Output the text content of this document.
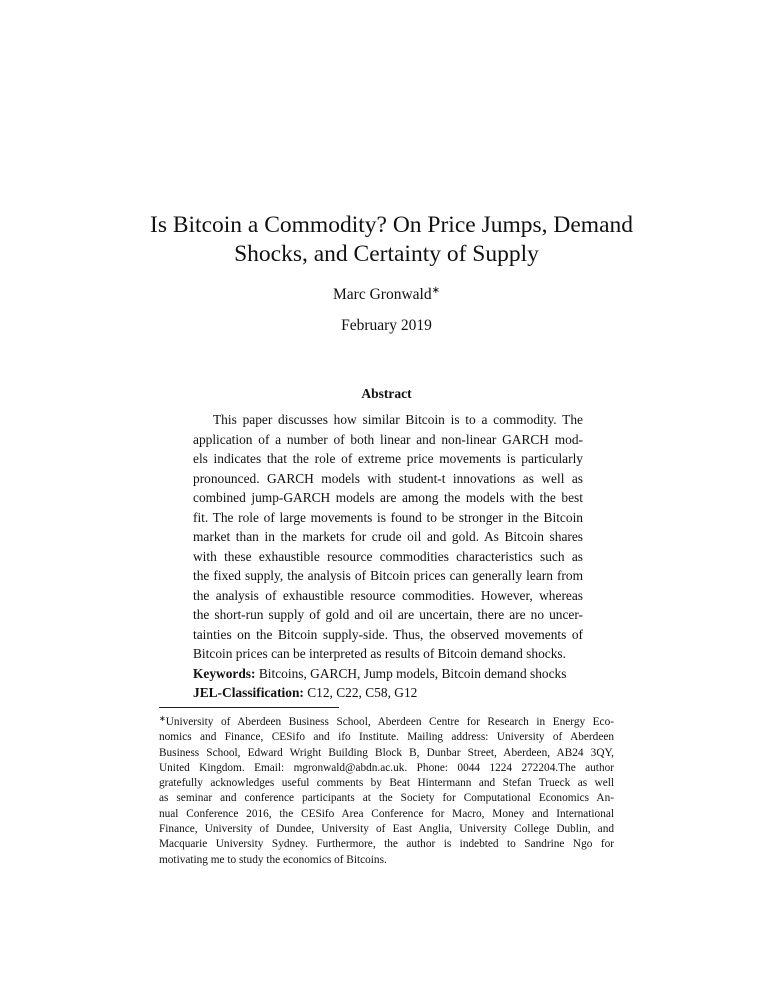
Is Bitcoin a Commodity? On Price Jumps, Demand
Shocks, and Certainty of Supply
Marc Gronwald∗
February 2019
Abstract
This paper discusses how similar Bitcoin is to a commodity. The
application of a number of both linear and non-linear GARCH mod-
els indicates that the role of extreme price movements is particularly
pronounced. GARCH models with student-t innovations as well as
combined jump-GARCH models are among the models with the best
fit. The role of large movements is found to be stronger in the Bitcoin
market than in the markets for crude oil and gold. As Bitcoin shares
with these exhaustible resource commodities characteristics such as
the fixed supply, the analysis of Bitcoin prices can generally learn from
the analysis of exhaustible resource commodities. However, whereas
the short-run supply of gold and oil are uncertain, there are no uncer-
tainties on the Bitcoin supply-side. Thus, the observed movements of
Bitcoin prices can be interpreted as results of Bitcoin demand shocks.
Keywords: Bitcoins, GARCH, Jump models, Bitcoin demand shocks
JEL-Classification: C12, C22, C58, G12
∗University of Aberdeen Business School, Aberdeen Centre for Research in Energy Eco-
nomics and Finance, CESifo and ifo Institute. Mailing address: University of Aberdeen
Business School, Edward Wright Building Block B, Dunbar Street, Aberdeen, AB24 3QY,
United Kingdom. Email: mgronwald@abdn.ac.uk. Phone: 0044 1224 272204.The author
gratefully acknowledges useful comments by Beat Hintermann and Stefan Trueck as well
as seminar and conference participants at the Society for Computational Economics An-
nual Conference 2016, the CESifo Area Conference for Macro, Money and International
Finance, University of Dundee, University of East Anglia, University College Dublin, and
Macquarie University Sydney. Furthermore, the author is indebted to Sandrine Ngo for
motivating me to study the economics of Bitcoins.
